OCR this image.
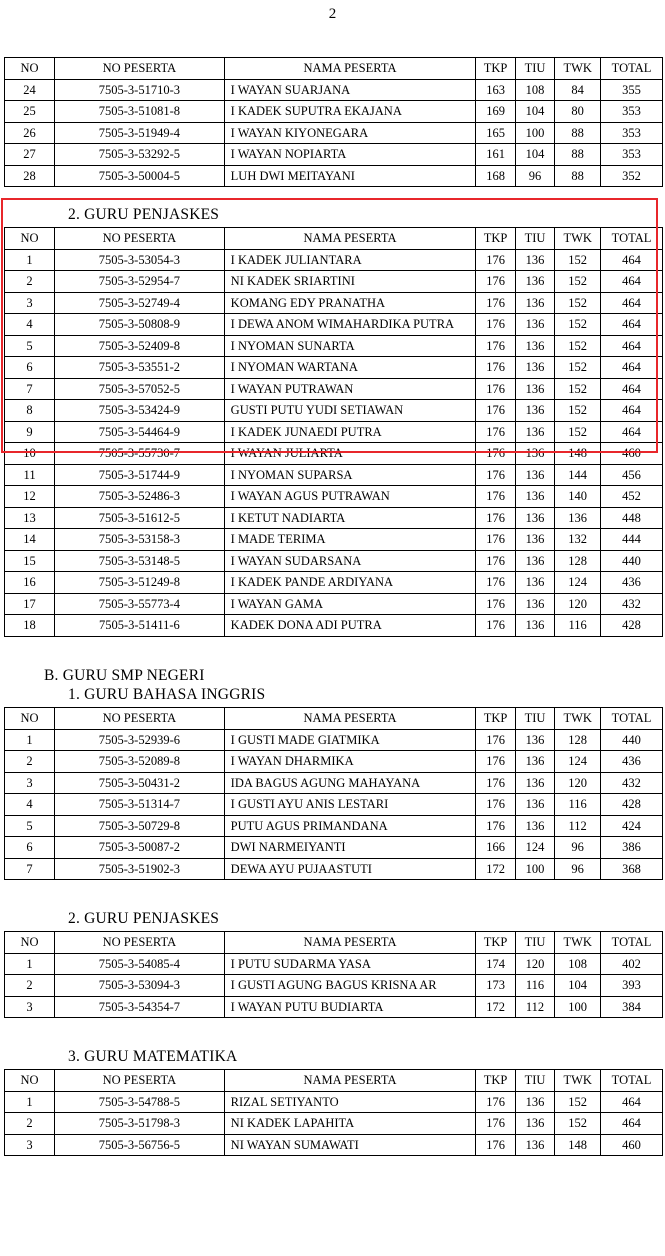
2
NO	NO PESERTA	NAMA PESERTA	TKP	TIU	TWK	TOTAL
24	7505-3-51710-3	I WAYAN SUARJANA	163	108	84	355
25	7505-3-51081-8	I KADEK SUPUTRA EKAJANA	169	104	80	353
26	7505-3-51949-4	I WAYAN KIYONEGARA	165	100	88	353
27	7505-3-53292-5	I WAYAN NOPIARTA	161	104	88	353
28	7505-3-50004-5	LUH DWI MEITAYANI	168	96	88	352
2. GURU PENJASKES
NO	NO PESERTA	NAMA PESERTA	TKP	TIU	TWK	TOTAL
1	7505-3-53054-3	I KADEK JULIANTARA	176	136	152	464
2	7505-3-52954-7	NI KADEK SRIARTINI	176	136	152	464
3	7505-3-52749-4	KOMANG EDY PRANATHA	176	136	152	464
4	7505-3-50808-9	I DEWA ANOM WIMAHARDIKA PUTRA	176	136	152	464
5	7505-3-52409-8	I NYOMAN SUNARTA	176	136	152	464
6	7505-3-53551-2	I NYOMAN WARTANA	176	136	152	464
7	7505-3-57052-5	I WAYAN PUTRAWAN	176	136	152	464
8	7505-3-53424-9	GUSTI PUTU YUDI SETIAWAN	176	136	152	464
9	7505-3-54464-9	I KADEK JUNAEDI PUTRA	176	136	152	464
10	7505-3-55730-7	I WAYAN JULIARTA	176	136	148	460
11	7505-3-51744-9	I NYOMAN SUPARSA	176	136	144	456
12	7505-3-52486-3	I WAYAN AGUS PUTRAWAN	176	136	140	452
13	7505-3-51612-5	I KETUT NADIARTA	176	136	136	448
14	7505-3-53158-3	I MADE TERIMA	176	136	132	444
15	7505-3-53148-5	I WAYAN SUDARSANA	176	136	128	440
16	7505-3-51249-8	I KADEK PANDE ARDIYANA	176	136	124	436
17	7505-3-55773-4	I WAYAN GAMA	176	136	120	432
18	7505-3-51411-6	KADEK DONA ADI PUTRA	176	136	116	428
B. GURU SMP NEGERI
1. GURU BAHASA INGGRIS
NO	NO PESERTA	NAMA PESERTA	TKP	TIU	TWK	TOTAL
1	7505-3-52939-6	I GUSTI MADE GIATMIKA	176	136	128	440
2	7505-3-52089-8	I WAYAN DHARMIKA	176	136	124	436
3	7505-3-50431-2	IDA BAGUS AGUNG MAHAYANA	176	136	120	432
4	7505-3-51314-7	I GUSTI AYU ANIS LESTARI	176	136	116	428
5	7505-3-50729-8	PUTU AGUS PRIMANDANA	176	136	112	424
6	7505-3-50087-2	DWI NARMEIYANTI	166	124	96	386
7	7505-3-51902-3	DEWA AYU PUJAASTUTI	172	100	96	368
2. GURU PENJASKES
NO	NO PESERTA	NAMA PESERTA	TKP	TIU	TWK	TOTAL
1	7505-3-54085-4	I PUTU SUDARMA YASA	174	120	108	402
2	7505-3-53094-3	I GUSTI AGUNG BAGUS KRISNA AR	173	116	104	393
3	7505-3-54354-7	I WAYAN PUTU BUDIARTA	172	112	100	384
3. GURU MATEMATIKA
NO	NO PESERTA	NAMA PESERTA	TKP	TIU	TWK	TOTAL
1	7505-3-54788-5	RIZAL SETIYANTO	176	136	152	464
2	7505-3-51798-3	NI KADEK LAPAHITA	176	136	152	464
3	7505-3-56756-5	NI WAYAN SUMAWATI	176	136	148	460
